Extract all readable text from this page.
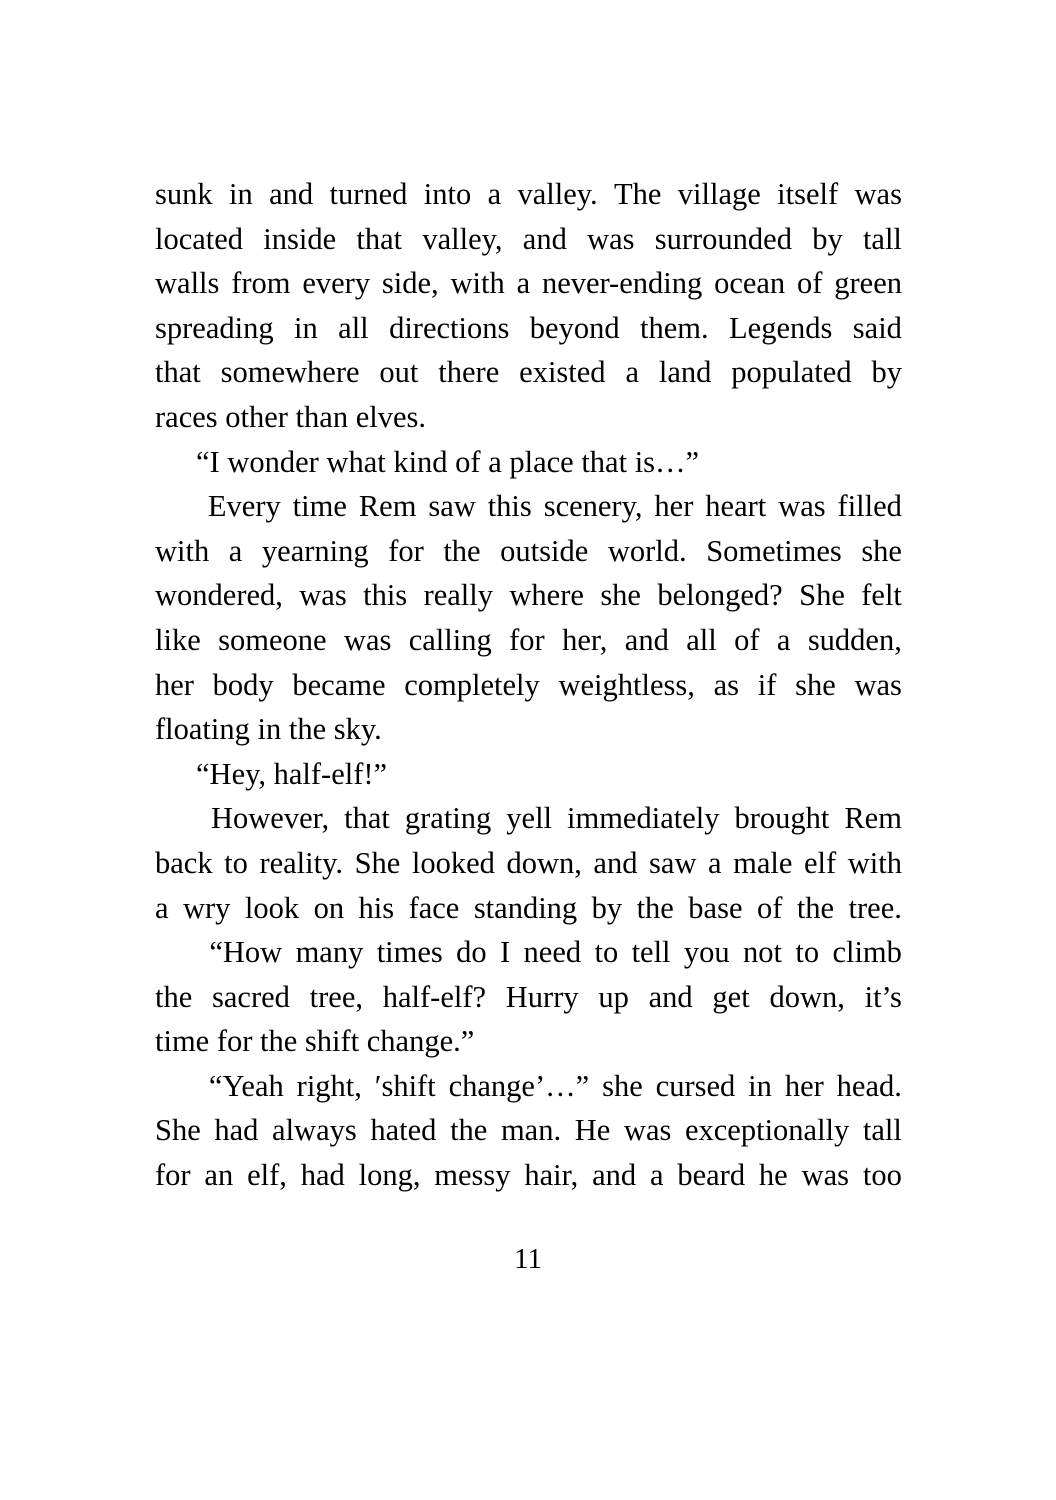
sunk in and turned into a valley. The village itself was
located inside that valley, and was surrounded by tall
walls from every side, with a never-ending ocean of green
spreading in all directions beyond them. Legends said
that somewhere out there existed a land populated by
races other than elves.
“I wonder what kind of a place that is…”
Every time Rem saw this scenery, her heart was filled
with a yearning for the outside world. Sometimes she
wondered, was this really where she belonged? She felt
like someone was calling for her, and all of a sudden,
her body became completely weightless, as if she was
floating in the sky.
“Hey, half-elf!”
However, that grating yell immediately brought Rem
back to reality. She looked down, and saw a male elf with
a wry look on his face standing by the base of the tree.
“How many times do I need to tell you not to climb
the sacred tree, half-elf? Hurry up and get down, it’s
time for the shift change.”
“Yeah right, ′shift change’…” she cursed in her head.
She had always hated the man. He was exceptionally tall
for an elf, had long, messy hair, and a beard he was too
11
